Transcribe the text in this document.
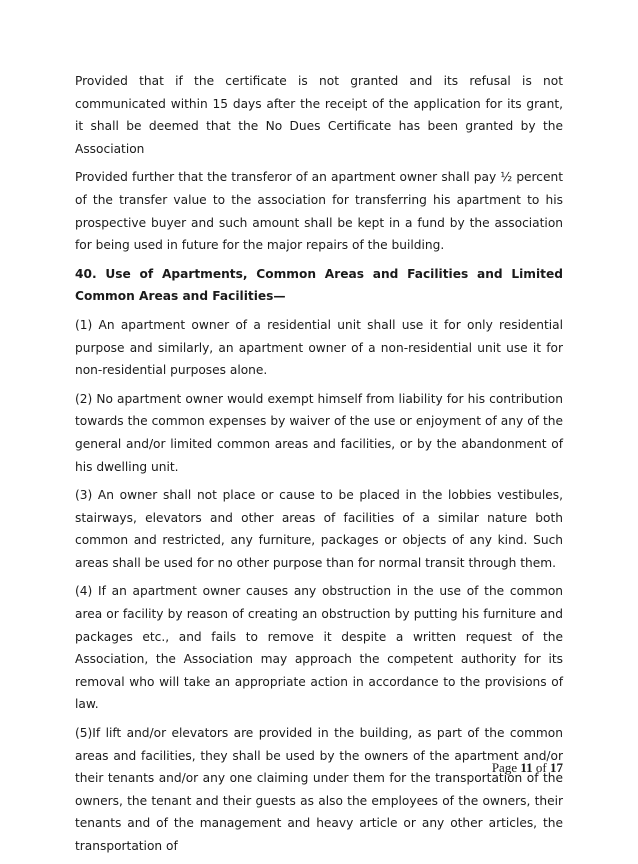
Provided that if the certificate is not granted and its refusal is not communicated within 15 days after the receipt of the application for its grant, it shall be deemed that the No Dues Certificate has been granted by the Association

Provided further that the transferor of an apartment owner shall pay ½ percent of the transfer value to the association for transferring his apartment to his prospective buyer and such amount shall be kept in a fund by the association for being used in future for the major repairs of the building.

40. Use of Apartments, Common Areas and Facilities and Limited Common Areas and Facilities—

(1) An apartment owner of a residential unit shall use it for only residential purpose and similarly, an apartment owner of a non-residential unit use it for non-residential purposes alone.

(2) No apartment owner would exempt himself from liability for his contribution towards the common expenses by waiver of the use or enjoyment of any of the general and/or limited common areas and facilities, or by the abandonment of his dwelling unit.

(3) An owner shall not place or cause to be placed in the lobbies vestibules, stairways, elevators and other areas of facilities of a similar nature both common and restricted, any furniture, packages or objects of any kind. Such areas shall be used for no other purpose than for normal transit through them.

(4) If an apartment owner causes any obstruction in the use of the common area or facility by reason of creating an obstruction by putting his furniture and packages etc., and fails to remove it despite a written request of the Association, the Association may approach the competent authority for its removal who will take an appropriate action in accordance to the provisions of law.

(5)If lift and/or elevators are provided in the building, as part of the common areas and facilities, they shall be used by the owners of the apartment and/or their tenants and/or any one claiming under them for the transportation of the owners, the tenant and their guests as also the employees of the owners, their tenants and of the management and heavy article or any other articles, the transportation of

Page 11 of 17
